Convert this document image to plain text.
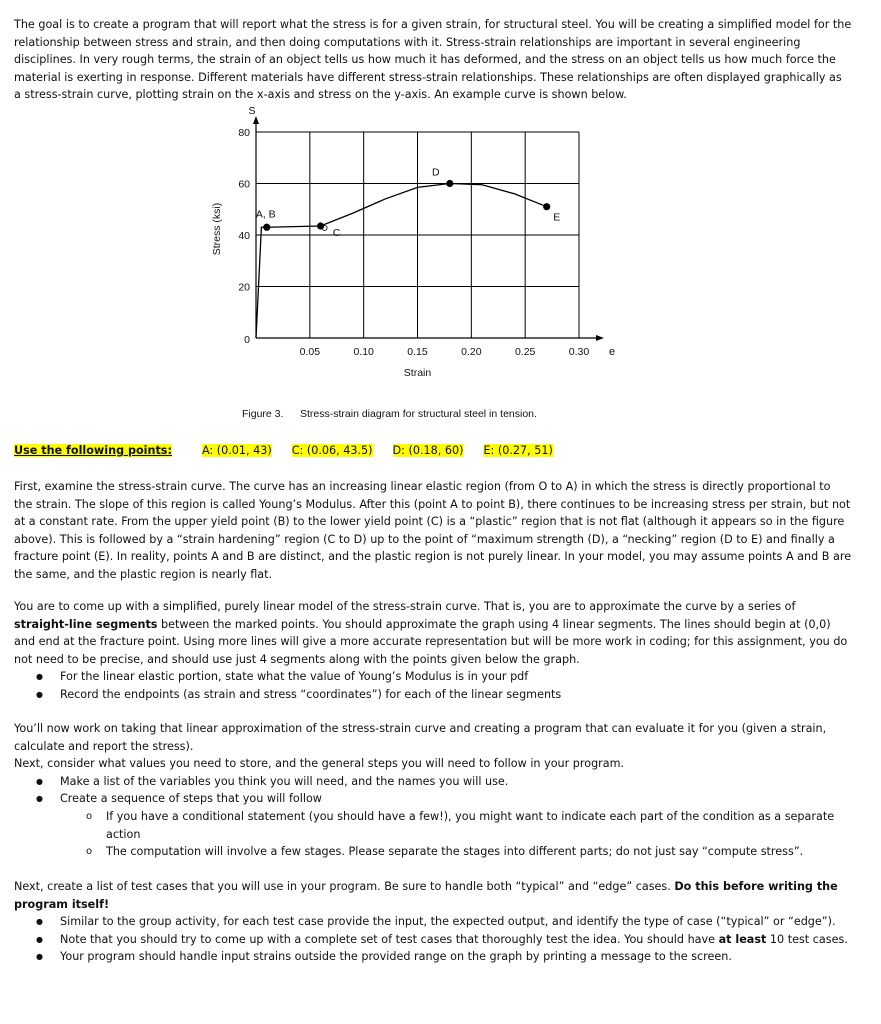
The goal is to create a program that will report what the stress is for a given strain, for structural steel. You will be creating a simplified model for the relationship between stress and strain, and then doing computations with it. Stress-strain relationships are important in several engineering disciplines. In very rough terms, the strain of an object tells us how much it has deformed, and the stress on an object tells us how much force the material is exerting in response. Different materials have different stress-strain relationships. These relationships are often displayed graphically as a stress-strain curve, plotting strain on the x-axis and stress on the y-axis. An example curve is shown below.

0.05	0.10	0.15	0.20	0.25	0.30
20
40
60
80
A, B
C
D
E
S
e
0
Stress (ksi)
Strain
Figure 3. Stress-strain diagram for structural steel in tension.

Use the following points:	A: (0.01, 43) C: (0.06, 43.5) D: (0.18, 60) E: (0.27, 51)

First, examine the stress-strain curve. The curve has an increasing linear elastic region (from O to A) in which the stress is directly proportional to the strain. The slope of this region is called Young’s Modulus. After this (point A to point B), there continues to be increasing stress per strain, but not at a constant rate. From the upper yield point (B) to the lower yield point (C) is a “plastic” region that is not flat (although it appears so in the figure above). This is followed by a “strain hardening” region (C to D) up to the point of “maximum strength (D), a “necking” region (D to E) and finally a fracture point (E). In reality, points A and B are distinct, and the plastic region is not purely linear. In your model, you may assume points A and B are the same, and the plastic region is nearly flat.

You are to come up with a simplified, purely linear model of the stress-strain curve. That is, you are to approximate the curve by a series of straight-line segments between the marked points. You should approximate the graph using 4 linear segments. The lines should begin at (0,0) and end at the fracture point. Using more lines will give a more accurate representation but will be more work in coding; for this assignment, you do not need to be precise, and should use just 4 segments along with the points given below the graph.

● For the linear elastic portion, state what the value of Young’s Modulus is in your pdf
● Record the endpoints (as strain and stress “coordinates”) for each of the linear segments

You’ll now work on taking that linear approximation of the stress-strain curve and creating a program that can evaluate it for you (given a strain, calculate and report the stress).

Next, consider what values you need to store, and the general steps you will need to follow in your program.

● Make a list of the variables you think you will need, and the names you will use.
● Create a sequence of steps that you will follow
o If you have a conditional statement (you should have a few!), you might want to indicate each part of the condition as a separate action
o The computation will involve a few stages. Please separate the stages into different parts; do not just say “compute stress”.

Next, create a list of test cases that you will use in your program. Be sure to handle both “typical” and “edge” cases. Do this before writing the program itself!

● Similar to the group activity, for each test case provide the input, the expected output, and identify the type of case (“typical” or “edge”).
● Note that you should try to come up with a complete set of test cases that thoroughly test the idea. You should have at least 10 test cases.
● Your program should handle input strains outside the provided range on the graph by printing a message to the screen.
